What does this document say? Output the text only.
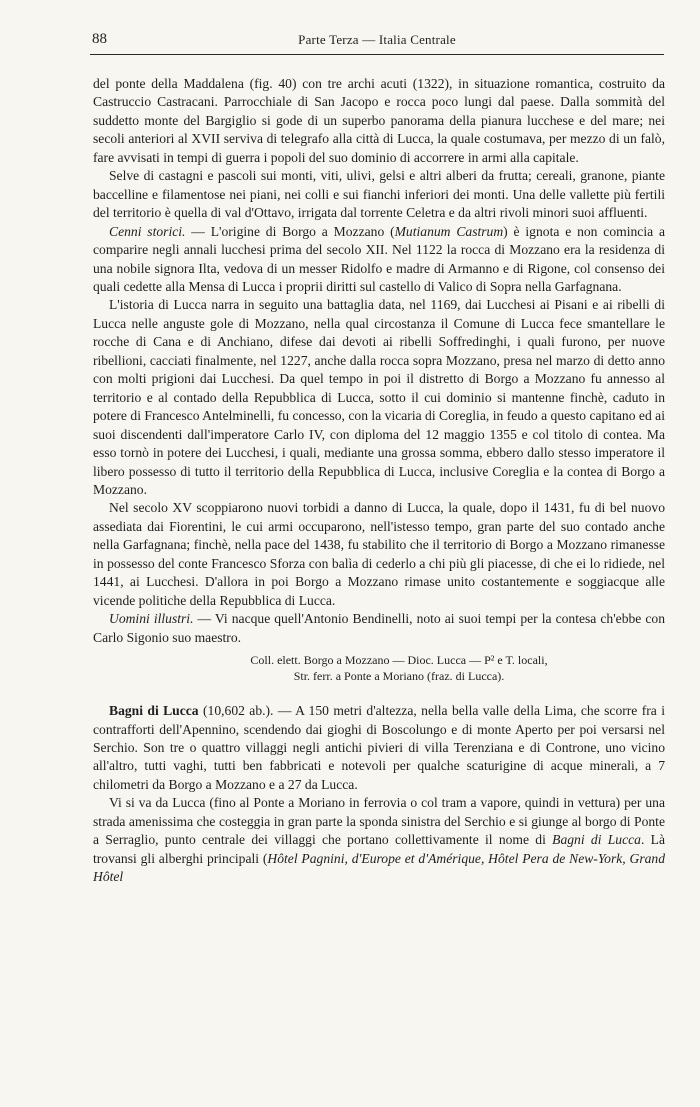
88	Parte Terza — Italia Centrale

del ponte della Maddalena (fig. 40) con tre archi acuti (1322), in situazione romantica, costruito da Castruccio Castracani. Parrocchiale di San Jacopo e rocca poco lungi dal paese. Dalla sommità del suddetto monte del Bargiglio si gode di un superbo panorama della pianura lucchese e del mare; nei secoli anteriori al XVII serviva di telegrafo alla città di Lucca, la quale costumava, per mezzo di un falò, fare avvisati in tempi di guerra i popoli del suo dominio di accorrere in armi alla capitale.

Selve di castagni e pascoli sui monti, viti, ulivi, gelsi e altri alberi da frutta; cereali, granone, piante baccelline e filamentose nei piani, nei colli e sui fianchi inferiori dei monti. Una delle vallette più fertili del territorio è quella di val d'Ottavo, irrigata dal torrente Celetra e da altri rivoli minori suoi affluenti.

Cenni storici. — L'origine di Borgo a Mozzano (Mutianum Castrum) è ignota e non comincia a comparire negli annali lucchesi prima del secolo XII. Nel 1122 la rocca di Mozzano era la residenza di una nobile signora Ilta, vedova di un messer Ridolfo e madre di Armanno e di Rigone, col consenso dei quali cedette alla Mensa di Lucca i proprii diritti sul castello di Valico di Sopra nella Garfagnana.

L'istoria di Lucca narra in seguito una battaglia data, nel 1169, dai Lucchesi ai Pisani e ai ribelli di Lucca nelle anguste gole di Mozzano, nella qual circostanza il Comune di Lucca fece smantellare le rocche di Cana e di Anchiano, difese dai devoti ai ribelli Soffredinghi, i quali furono, per nuove ribellioni, cacciati finalmente, nel 1227, anche dalla rocca sopra Mozzano, presa nel marzo di detto anno con molti prigioni dai Lucchesi. Da quel tempo in poi il distretto di Borgo a Mozzano fu annesso al territorio e al contado della Repubblica di Lucca, sotto il cui dominio si mantenne finchè, caduto in potere di Francesco Antelminelli, fu concesso, con la vicaria di Coreglia, in feudo a questo capitano ed ai suoi discendenti dall'imperatore Carlo IV, con diploma del 12 maggio 1355 e col titolo di contea. Ma esso tornò in potere dei Lucchesi, i quali, mediante una grossa somma, ebbero dallo stesso imperatore il libero possesso di tutto il territorio della Repubblica di Lucca, inclusive Coreglia e la contea di Borgo a Mozzano.

Nel secolo XV scoppiarono nuovi torbidi a danno di Lucca, la quale, dopo il 1431, fu di bel nuovo assediata dai Fiorentini, le cui armi occuparono, nell'istesso tempo, gran parte del suo contado anche nella Garfagnana; finchè, nella pace del 1438, fu stabilito che il territorio di Borgo a Mozzano rimanesse in possesso del conte Francesco Sforza con balìa di cederlo a chi più gli piacesse, di che ei lo ridiede, nel 1441, ai Lucchesi. D'allora in poi Borgo a Mozzano rimase unito costantemente e soggiacque alle vicende politiche della Repubblica di Lucca.

Uomini illustri. — Vi nacque quell'Antonio Bendinelli, noto ai suoi tempi per la contesa ch'ebbe con Carlo Sigonio suo maestro.

Coll. elett. Borgo a Mozzano — Dioc. Lucca — P² e T. locali,
Str. ferr. a Ponte a Moriano (fraz. di Lucca).

Bagni di Lucca (10,602 ab.). — A 150 metri d'altezza, nella bella valle della Lima, che scorre fra i contrafforti dell'Apennino, scendendo dai gioghi di Boscolungo e di monte Aperto per poi versarsi nel Serchio. Son tre o quattro villaggi negli antichi pivieri di villa Terenziana e di Controne, uno vicino all'altro, tutti vaghi, tutti ben fabbricati e notevoli per qualche scaturigine di acque minerali, a 7 chilometri da Borgo a Mozzano e a 27 da Lucca.

Vi si va da Lucca (fino al Ponte a Moriano in ferrovia o col tram a vapore, quindi in vettura) per una strada amenissima che costeggia in gran parte la sponda sinistra del Serchio e si giunge al borgo di Ponte a Serraglio, punto centrale dei villaggi che portano collettivamente il nome di Bagni di Lucca. Là trovansi gli alberghi principali (Hôtel Pagnini, d'Europe et d'Amérique, Hôtel Pera de New-York, Grand Hôtel
